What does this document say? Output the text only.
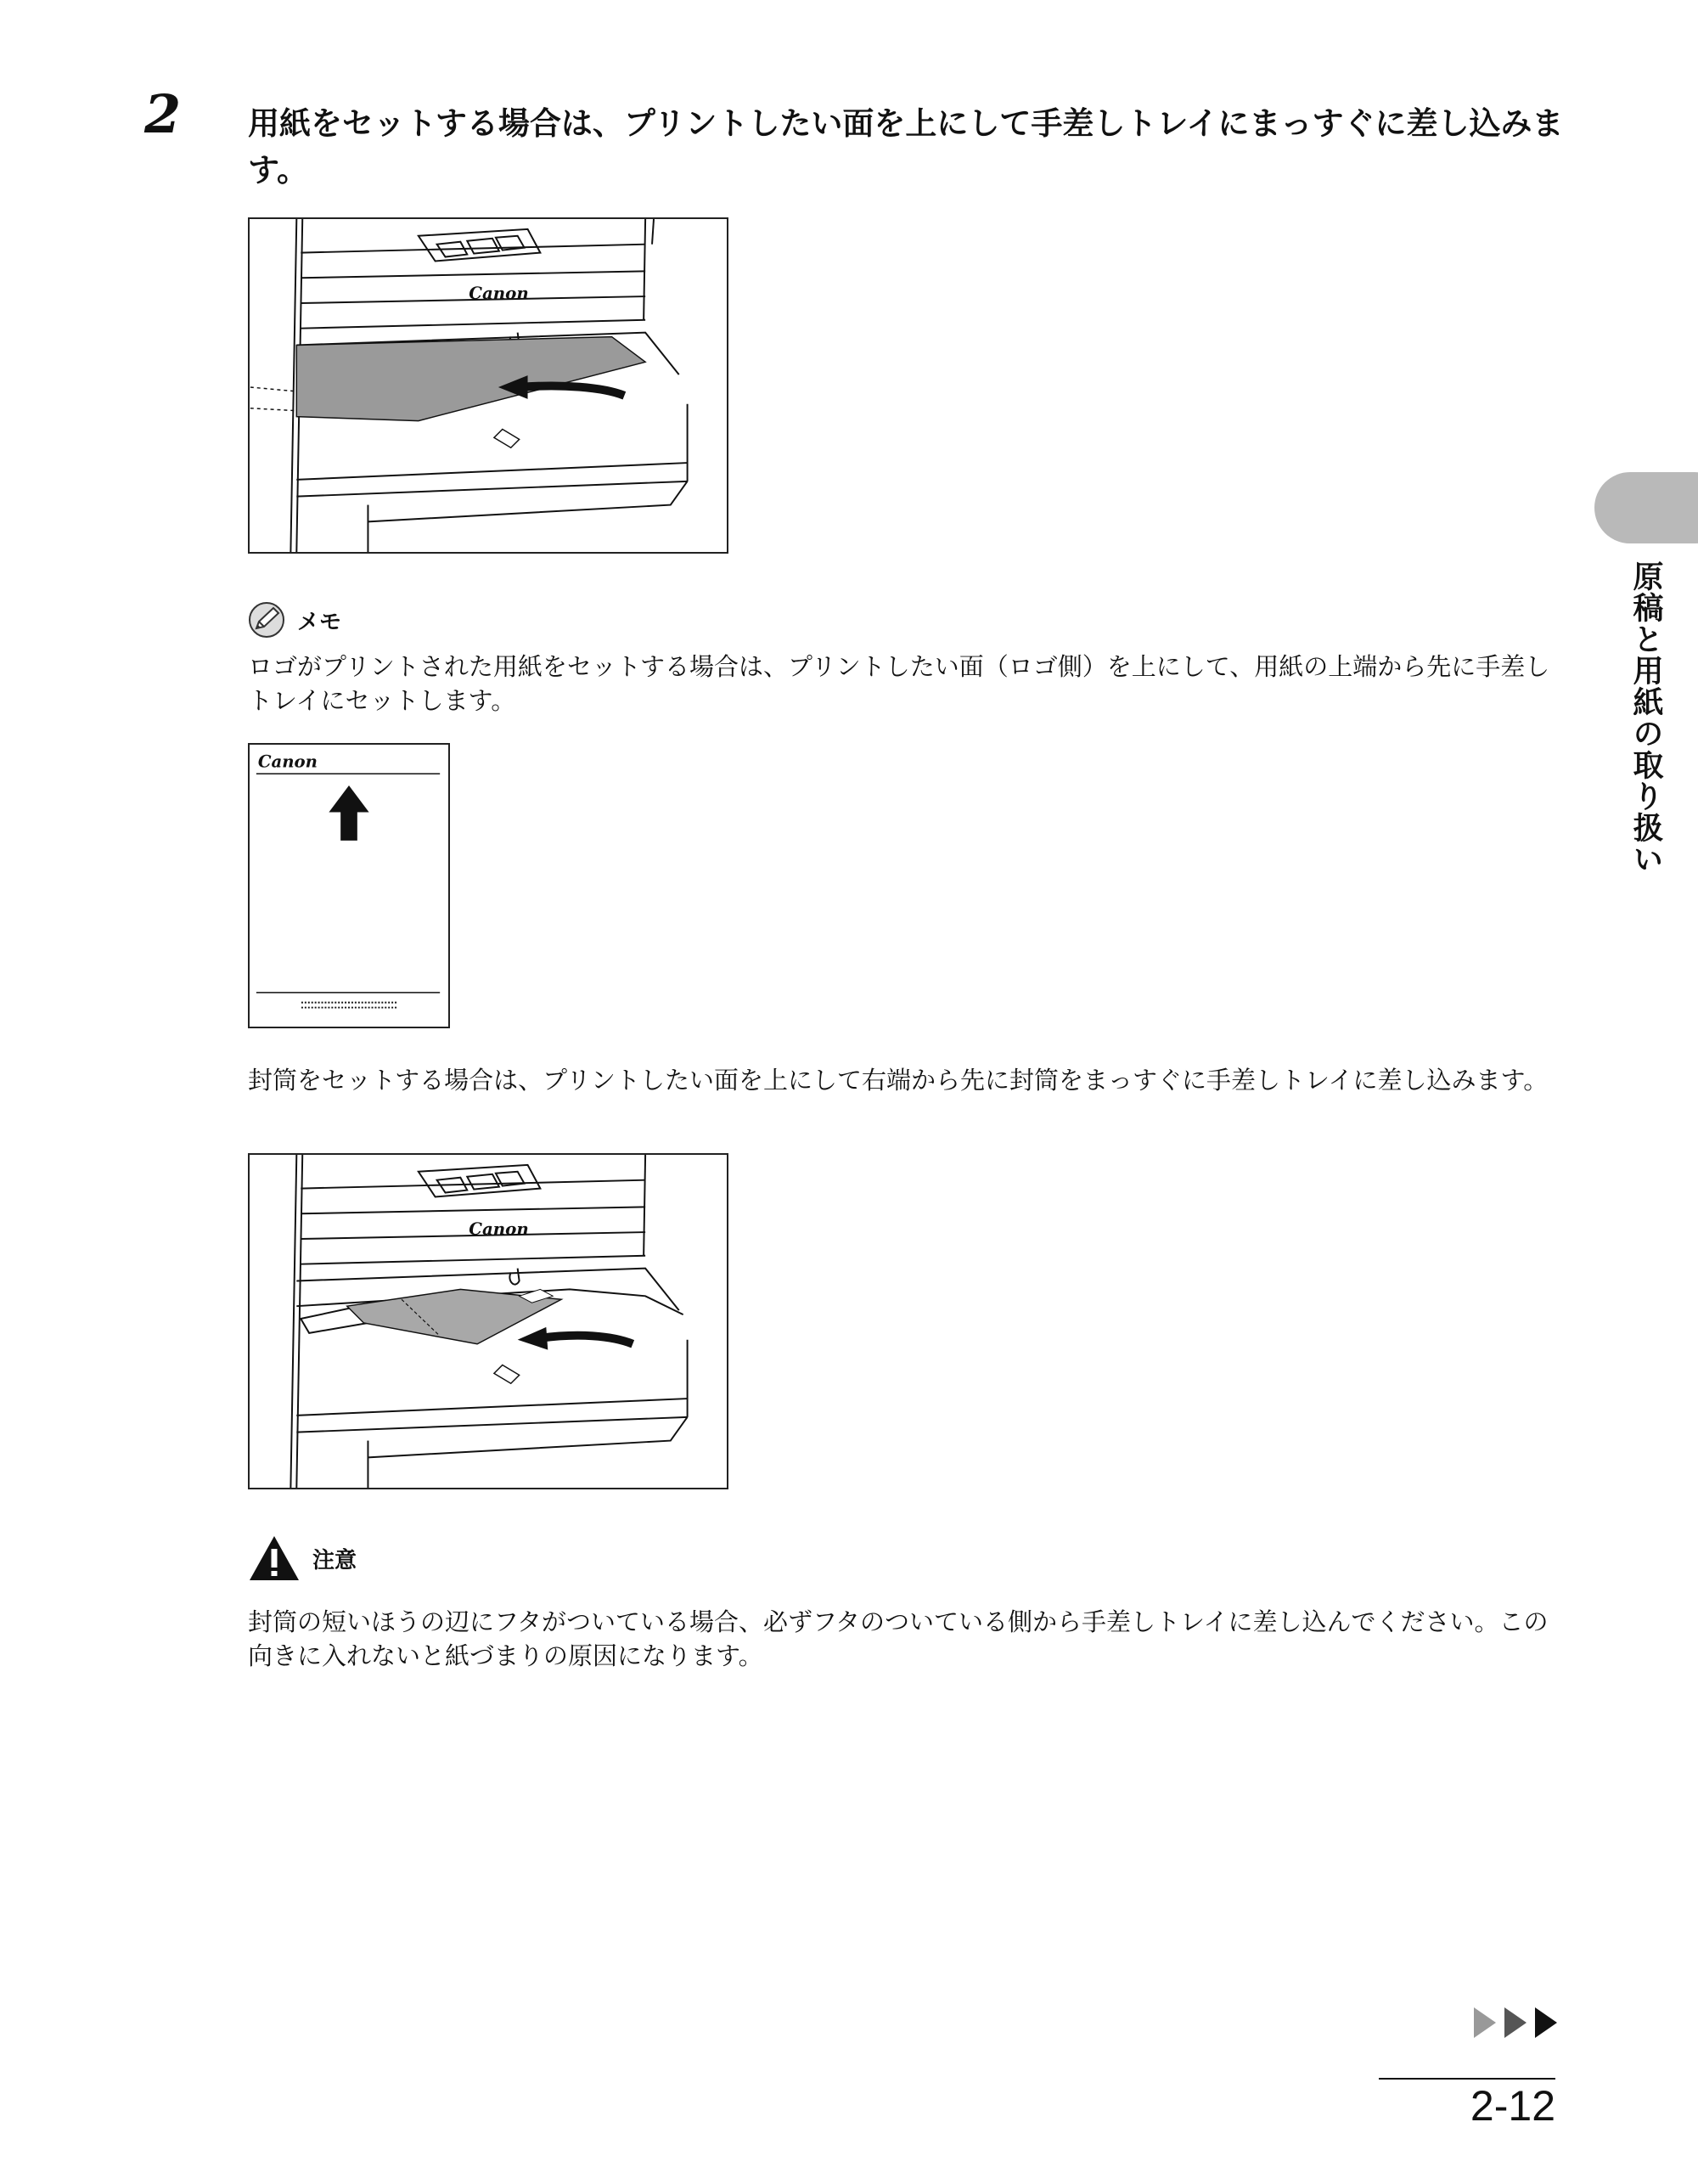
2	用紙をセットする場合は、プリントしたい面を上にして手差しトレイにまっすぐに差し込みます。
Canon
メモ
ロゴがプリントされた用紙をセットする場合は、プリントしたい面（ロゴ側）を上にして、用紙の上端から先に手差しトレイにセットします。
Canon
封筒をセットする場合は、プリントしたい面を上にして右端から先に封筒をまっすぐに手差しトレイに差し込みます。
Canon
注意
封筒の短いほうの辺にフタがついている場合、必ずフタのついている側から手差しトレイに差し込んでください。この向きに入れないと紙づまりの原因になります。
原稿と用紙の取り扱い
2-12
